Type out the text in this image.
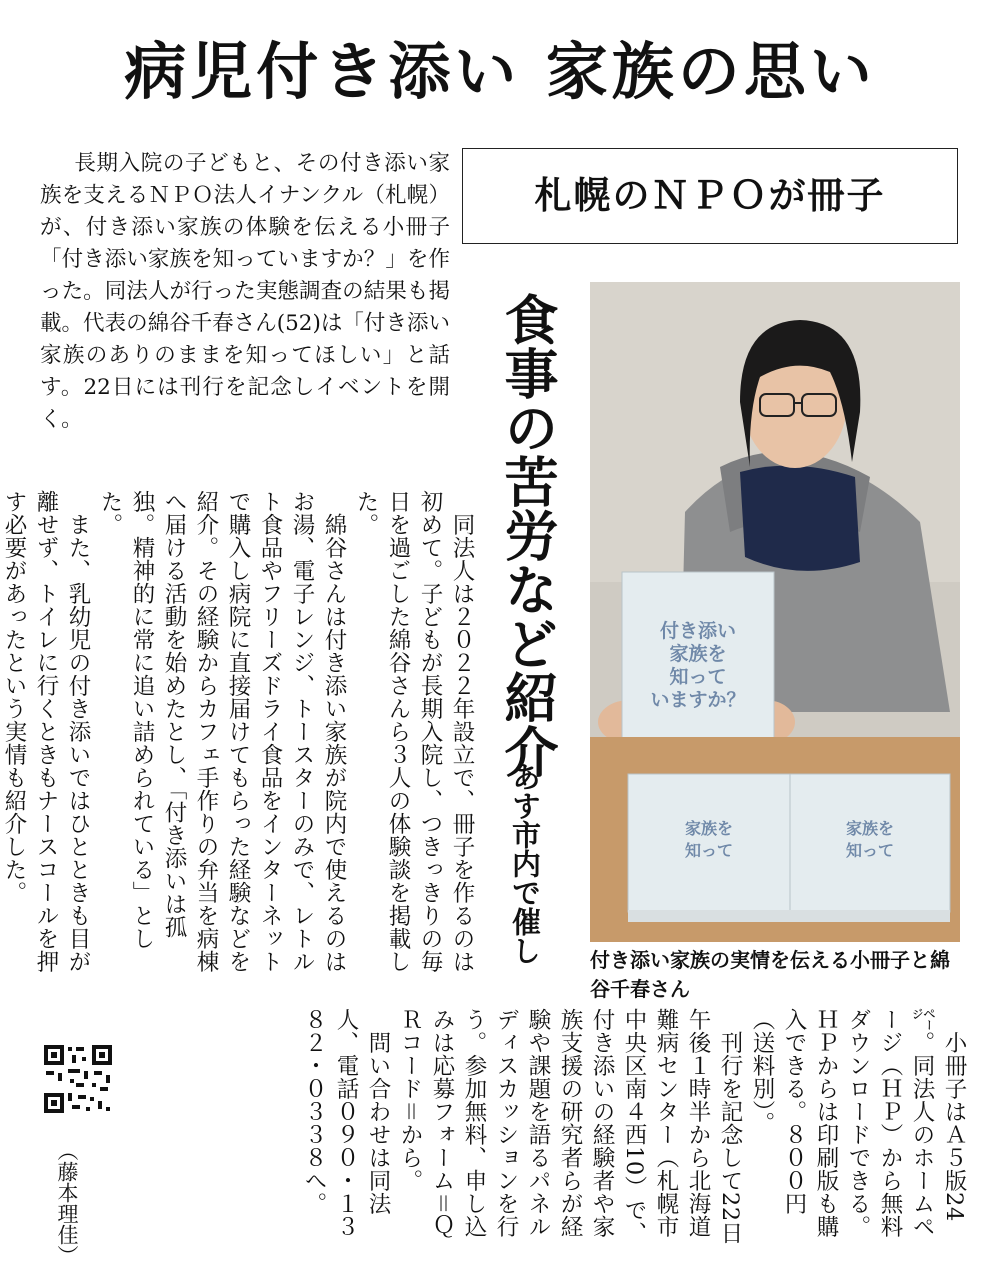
病児付き添い 家族の思い
長期入院の子どもと、その付き添い家族を支えるＮＰＯ法人イナンクル（札幌）が、付き添い家族の体験を伝える小冊子「付き添い家族を知っていますか？」を作った。同法人が行った実態調査の結果も掲載。代表の綿谷千春さん(52)は「付き添い家族のありのままを知ってほしい」と話す。22日には刊行を記念しイベントを開く。
札幌のＮＰＯが冊子
食事の苦労など紹介
あす市内で催し

同法人は２０２２年設立で、冊子を作るのは初めて。子どもが長期入院し、つきっきりの毎日を過ごした綿谷さんら３人の体験談を掲載した。

綿谷さんは付き添い家族が院内で使えるのはお湯、電子レンジ、トースターのみで、レトルト食品やフリーズドライ食品をインターネットで購入し病院に直接届けてもらった経験などを紹介。その経験からカフェ手作りの弁当を病棟へ届ける活動を始めたとし、「付き添いは孤独。精神的に常に追い詰められている」とした。

また、乳幼児の付き添いではひとときも目が離せず、トイレに行くときもナースコールを押す必要があったという実情も紹介した。

小冊子はＡ５版24㌻。同法人のホームページ（ＨＰ）から無料ダウンロードできる。ＨＰからは印刷版も購入できる。８００円（送料別）。

刊行を記念して22日午後１時半から北海道難病センター（札幌市中央区南４西10）で、付き添いの経験者や家族支援の研究者らが経験や課題を語るパネルディスカッションを行う。参加無料、申し込みは応募フォーム＝ＱＲコード＝から。

問い合わせは同法人、電話０９０・１３８２・０３３８へ。

付き添い
家族を
知って
いますか？
家族を
知って
家族を
知って
付き添い家族の実情を伝える小冊子と綿谷千春さん
（藤本理佳）
